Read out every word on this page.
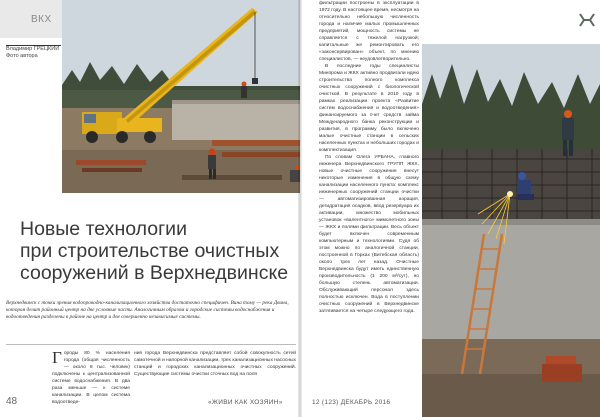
ВКХ
Владимир ГРЕЦКИЙ
Фото автора
Новые технологии
при строительстве очистных
сооружений в Верхнедвинске

Верхнедвинск с точки зрения водопроводно-канализационного хозяйства достаточно специфичен. Вина тому — река Двина, которая делит районный центр на две условные части. Аналогичным образом и городские системы водоснабжения и водоотведения разделены в районе на центр и две совершенно независимые системы.

Городы 80 % населения города (общая численность — около 8 тыс. человек) подключены к централизованной системе водоснабжения. В два раза меньше — к системе канализации. В целом система водоотведе-
ния города Верхнедвинска представляет собой совокупность сетей самотечной и напорной канализации, трех канализационных насосных станций и городских канализационных очистных сооружений. Существующие системы очистки сточных вод на поля
48	«ЖИВИ КАК ХОЗЯИН»

фильтрации построены в эксплуатации в 1972 году. В настоящее время, несмотря на относительно небольшую численность города и наличие малых промышленных предприятий, мощность системы не справляется с тяжелой нагрузкой; капитальные же ремонтировать его «законсервирован» объект, по мнению специалистов, — неудовлетворительно.

В последние годы специалисты Минпрома и ЖКХ активно продвигали идею строительства полного комплекса очистных сооружений с биологической очисткой. В результате в 2010 году в рамках реализации проекта «Развитие систем водоснабжения и водоотведения» финансируемого за счет средств займа Международного банка реконструкции и развития, в программу было включено малые очистные станции в сельских населенных пунктах и небольших городах и комплектизация.

По словам Олега УРБАНА, главного инженера Верхнедвинского ГРУПП ЖКХ, новые очистные сооружения внесут некоторые изменения в общую схему канализации населенного пункта: комплекс инженерных сооружений станции очистки — автоматизированная аэрация, дегидратация осадков, ввод резервуара их активации, множество мобильных установок «валентного» мимолетного зоны — ЖКХ и полями фильтрации. Весь объект будет включен современным компьютерным и технологиями. Судя об этом можно по аналогичной станции, построенной в Горках (Витебская область) около трех лет назад. Очистные Верхнедвинска будут иметь единственную производительность (1 200 м³/сут), но большую степень автоматизации. Обслуживающий персонал здесь полностью исключен. Вода в поступлении очистных сооружений в Верхнедвинске затягивается на четыре следующего года.

12 (123) ДЕКАБРЬ 2016
